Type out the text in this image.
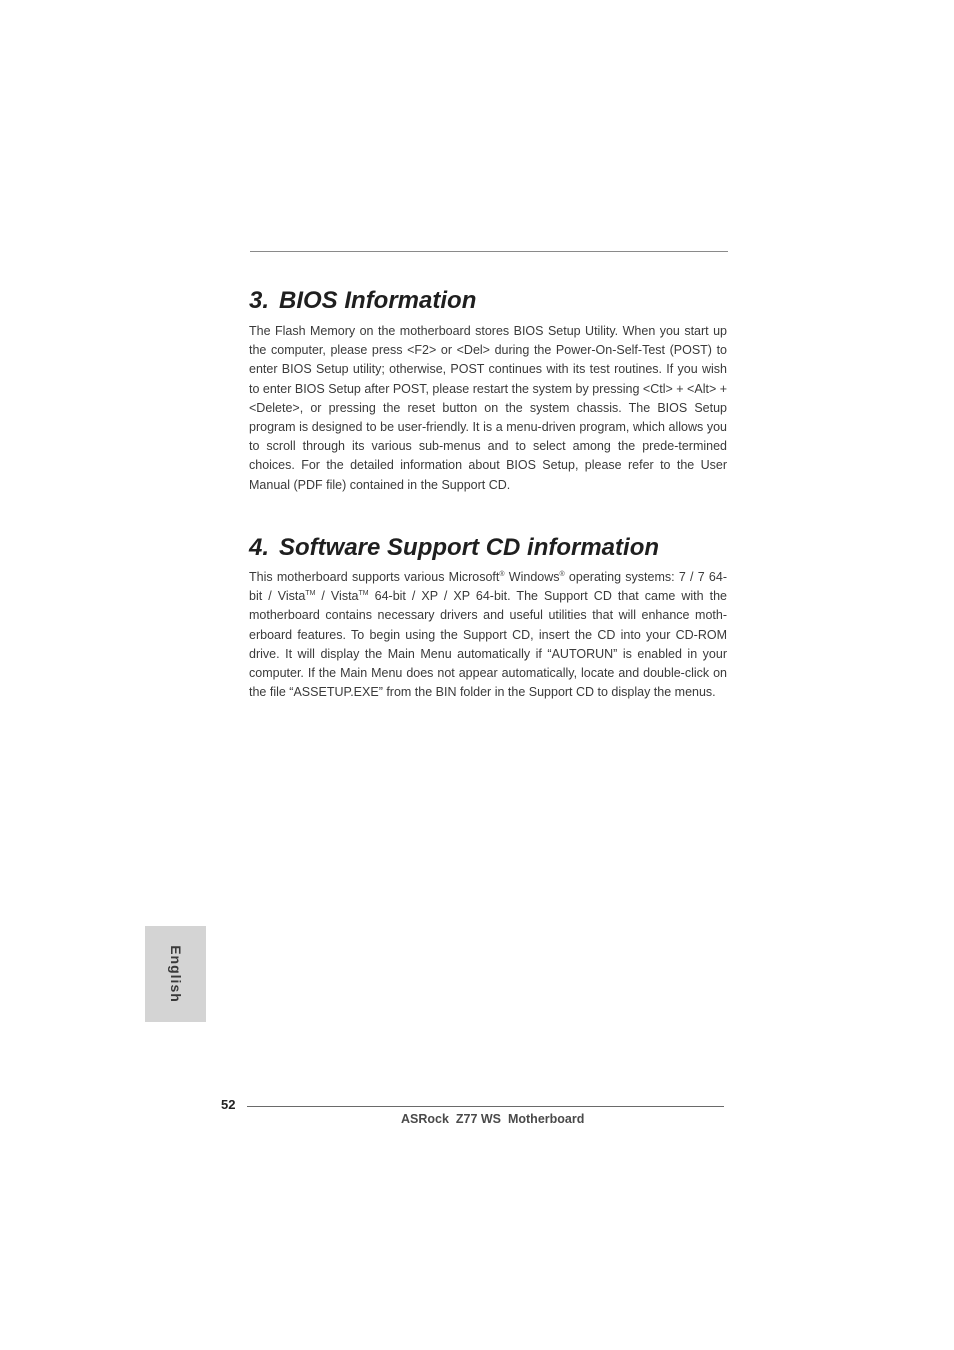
3. BIOS Information

The Flash Memory on the motherboard stores BIOS Setup Utility. When you start up the computer, please press <F2> or <Del> during the Power-On-Self-Test (POST) to enter BIOS Setup utility; otherwise, POST continues with its test routines. If you wish to enter BIOS Setup after POST, please restart the system by pressing <Ctl> + <Alt> + <Delete>, or pressing the reset button on the system chassis. The BIOS Setup program is designed to be user-friendly. It is a menu-driven program, which allows you to scroll through its various sub-menus and to select among the prede-termined choices. For the detailed information about BIOS Setup, please refer to the User Manual (PDF file) contained in the Support CD.

4. Software Support CD information

This motherboard supports various Microsoft® Windows® operating systems: 7 / 7 64-bit / Vista™ / Vista™ 64-bit / XP / XP 64-bit. The Support CD that came with the motherboard contains necessary drivers and useful utilities that will enhance moth-erboard features. To begin using the Support CD, insert the CD into your CD-ROM drive. It will display the Main Menu automatically if “AUTORUN” is enabled in your computer. If the Main Menu does not appear automatically, locate and double-click on the file “ASSETUP.EXE” from the BIN folder in the Support CD to display the menus.

English
52
ASRock  Z77 WS  Motherboard
